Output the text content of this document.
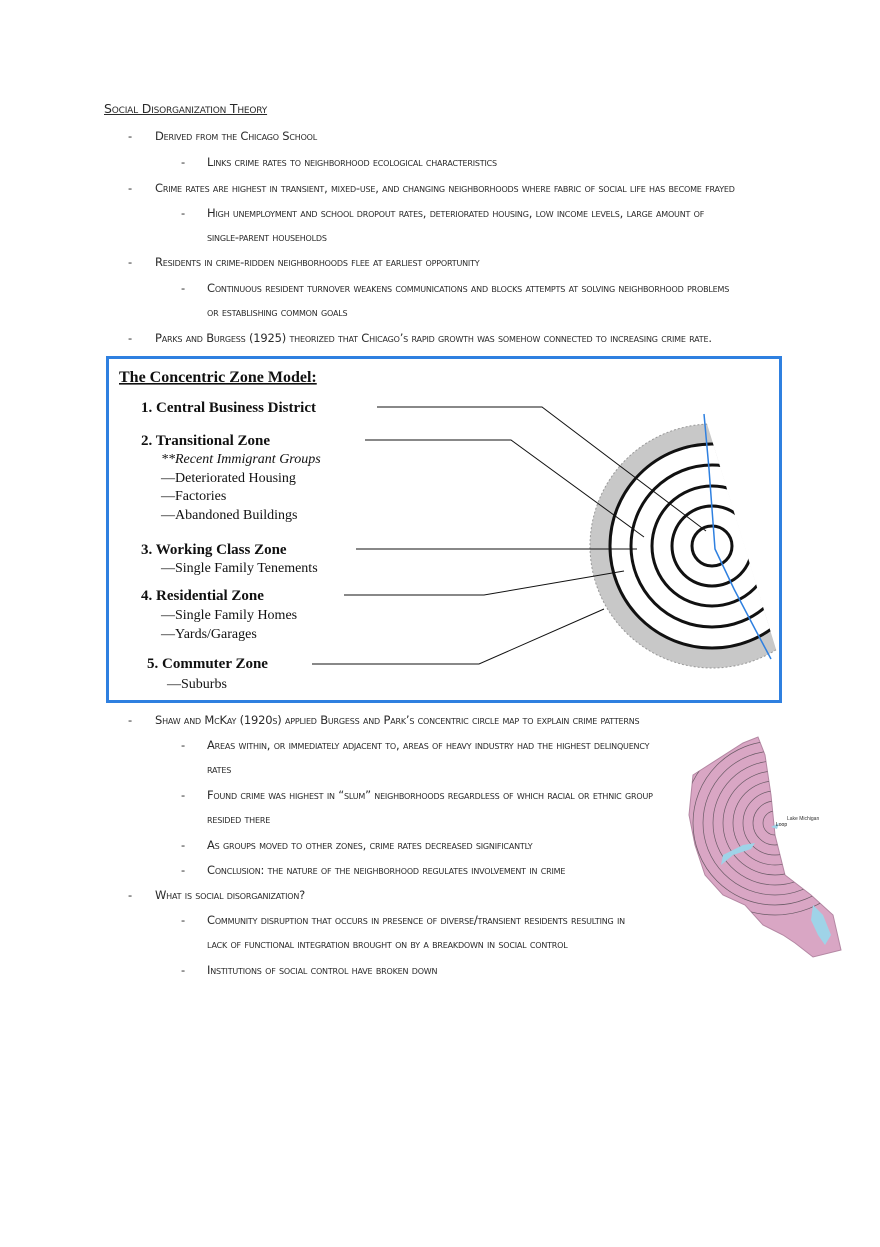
Social Disorganization Theory
- Derived from the Chicago School
- Links crime rates to neighborhood ecological characteristics
- Crime rates are highest in transient, mixed-use, and changing neighborhoods where fabric of social life has become frayed
- High unemployment and school dropout rates, deteriorated housing, low income levels, large amount of
single-parent households
- Residents in crime-ridden neighborhoods flee at earliest opportunity
- Continuous resident turnover weakens communications and blocks attempts at solving neighborhood problems
or establishing common goals
- Parks and Burgess (1925) theorized that Chicago’s rapid growth was somehow connected to increasing crime rate.
The Concentric Zone Model:
1. Central Business District
2. Transitional Zone
**Recent Immigrant Groups
—Deteriorated Housing
—Factories
—Abandoned Buildings
3. Working Class Zone
—Single Family Tenements
4. Residential Zone
—Single Family Homes
—Yards/Garages
5. Commuter Zone
—Suburbs
- Shaw and McKay (1920s) applied Burgess and Park’s concentric circle map to explain crime patterns
- Areas within, or immediately adjacent to, areas of heavy industry had the highest delinquency
rates
- Found crime was highest in “slum” neighborhoods regardless of which racial or ethnic group
resided there
- As groups moved to other zones, crime rates decreased significantly
- Conclusion: the nature of the neighborhood regulates involvement in crime
- What is social disorganization?
- Community disruption that occurs in presence of diverse/transient residents resulting in
lack of functional integration brought on by a breakdown in social control
- Institutions of social control have broken down
Lake Michigan
Loop
